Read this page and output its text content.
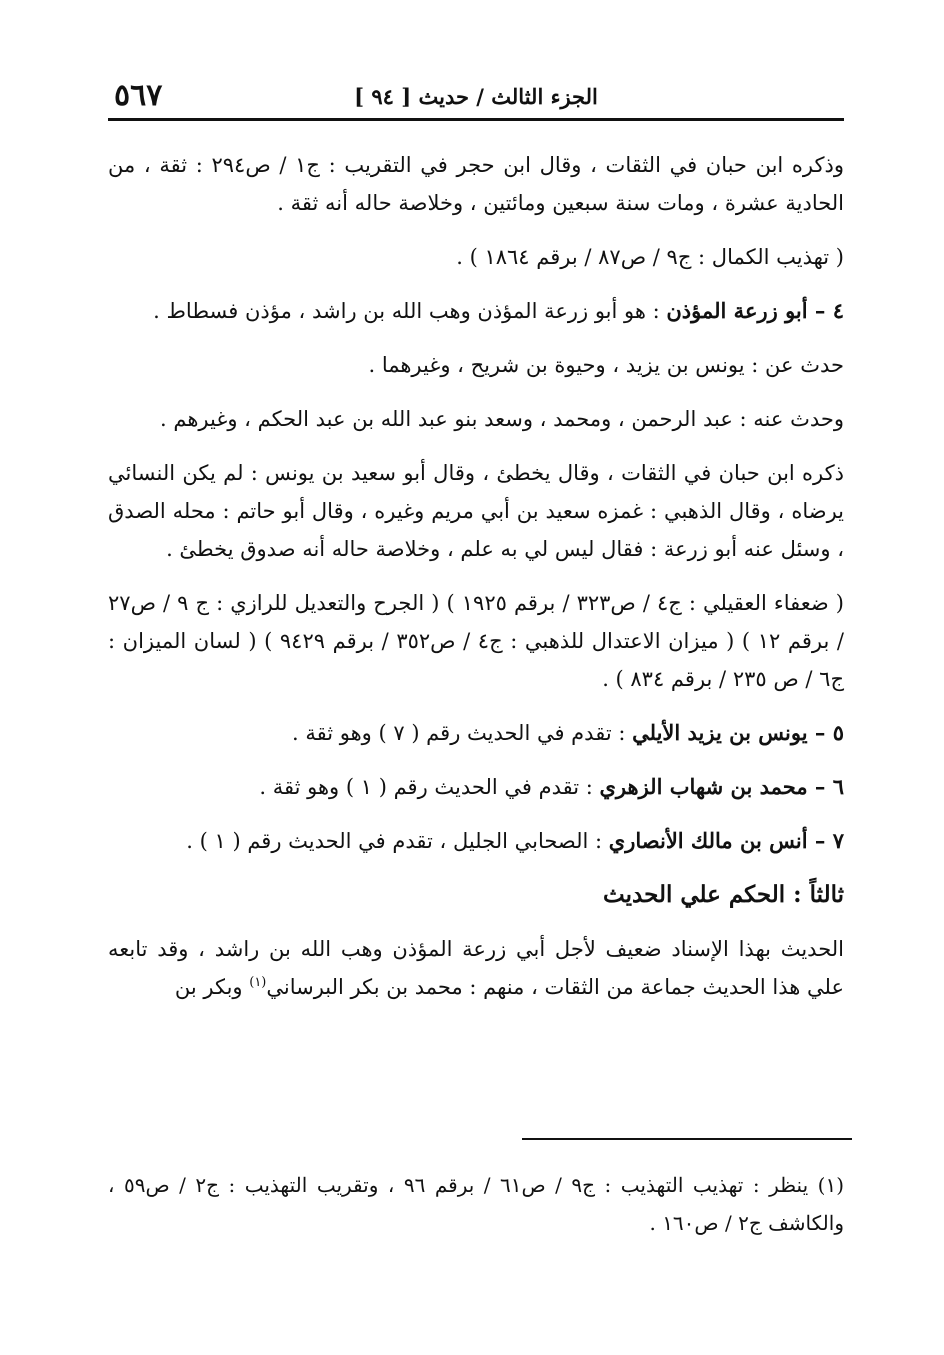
٥٦٧	الجزء الثالث / حديث [ ٩٤ ]

وذكره ابن حبان في الثقات ، وقال ابن حجر في التقريب : ج١ / ص٢٩٤ : ثقة ، من الحادية عشرة ، ومات سنة سبعين ومائتين ، وخلاصة حاله أنه ثقة .

( تهذيب الكمال : ج٩ / ص٨٧ / برقم ١٨٦٤ ) .

٤ – أبو زرعة المؤذن : هو أبو زرعة المؤذن وهب الله بن راشد ، مؤذن فسطاط .

حدث عن : يونس بن يزيد ، وحيوة بن شريح ، وغيرهما .

وحدث عنه : عبد الرحمن ، ومحمد ، وسعد بنو عبد الله بن عبد الحكم ، وغيرهم .

ذكره ابن حبان في الثقات ، وقال يخطئ ، وقال أبو سعيد بن يونس : لم يكن النسائي يرضاه ، وقال الذهبي : غمزه سعيد بن أبي مريم وغيره ، وقال أبو حاتم : محله الصدق ، وسئل عنه أبو زرعة : فقال ليس لي به علم ، وخلاصة حاله أنه صدوق يخطئ .

( ضعفاء العقيلي : ج٤ / ص٣٢٣ / برقم ١٩٢٥ ) ( الجرح والتعديل للرازي : ج ٩ / ص٢٧ / برقم ١٢ ) ( ميزان الاعتدال للذهبي : ج٤ / ص٣٥٢ / برقم ٩٤٢٩ ) ( لسان الميزان : ج٦ / ص ٢٣٥ / برقم ٨٣٤ ) .

٥ – يونس بن يزيد الأيلي : تقدم في الحديث رقم ( ٧ ) وهو ثقة .

٦ – محمد بن شهاب الزهري : تقدم في الحديث رقم ( ١ ) وهو ثقة .

٧ – أنس بن مالك الأنصاري : الصحابي الجليل ، تقدم في الحديث رقم ( ١ ) .

ثالثاً : الحكم علي الحديث

الحديث بهذا الإسناد ضعيف لأجل أبي زرعة المؤذن وهب الله بن راشد ، وقد تابعه علي هذا الحديث جماعة من الثقات ، منهم : محمد بن بكر البرساني$^{(١)}$ وبكر بن

(١) ينظر : تهذيب التهذيب : ج٩ / ص٦١ / برقم ٩٦ ، وتقريب التهذيب : ج٢ / ص٥٩ ، والكاشف ج٢ / ص١٦٠ .
